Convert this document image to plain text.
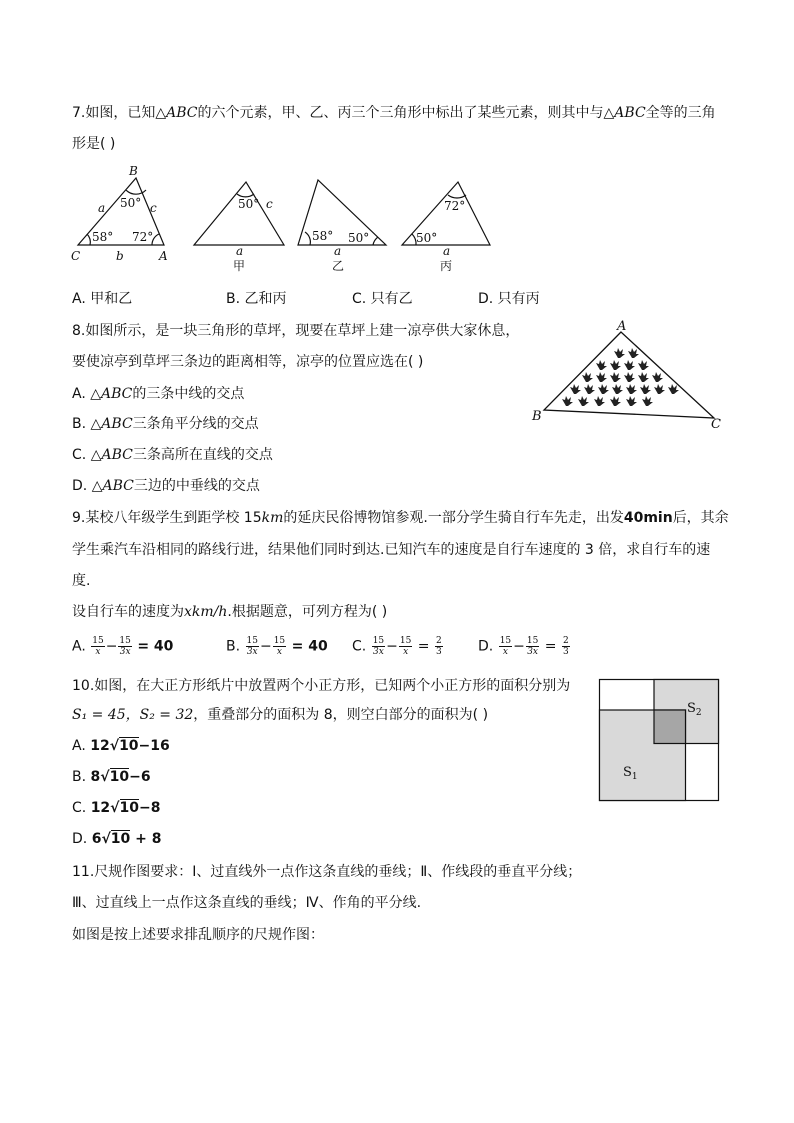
7.如图，已知△ABC的六个元素，甲、乙、丙三个三角形中标出了某些元素，则其中与△ABC全等的三角
形是( )
B
C	A
a
b
c
50°
58° 72°
50° c
a
甲
58° 50°
a
乙
72°
50°
a
丙
A. 甲和乙	B. 乙和丙	C. 只有乙	D. 只有丙
8.如图所示，是一块三角形的草坪，现要在草坪上建一凉亭供大家休息，
要使凉亭到草坪三条边的距离相等，凉亭的位置应选在( )
A. △ABC的三条中线的交点
B. △ABC三条角平分线的交点
C. △ABC三条高所在直线的交点
D. △ABC三边的中垂线的交点
A
B
C
9.某校八年级学生到距学校 15km的延庆民俗博物馆参观.一部分学生骑自行车先走，出发40min后，其余
学生乘汽车沿相同的路线行进，结果他们同时到达.已知汽车的速度是自行车速度的 3 倍，求自行车的速
度.
设自行车的速度为xkm/h.根据题意，可列方程为( )
A. $\frac{15}{x} - \frac{15}{3x} = 40$	B. $\frac{15}{3x} - \frac{15}{x} = 40$ C. $\frac{15}{3x} - \frac{15}{x} = \frac{2}{3}$	D. $\frac{15}{x} - \frac{15}{3x} = \frac{2}{3}$
10.如图，在大正方形纸片中放置两个小正方形，已知两个小正方形的面积分别为
S₁ = 45，S₂ = 32，重叠部分的面积为 8，则空白部分的面积为( )
A. 12√10−16
B. 8√10−6
C. 12√10−8
D. 6√10 + 8
$S_2$
$S_1$
11.尺规作图要求：Ⅰ、过直线外一点作这条直线的垂线；Ⅱ、作线段的垂直平分线；
Ⅲ、过直线上一点作这条直线的垂线；Ⅳ、作角的平分线.
如图是按上述要求排乱顺序的尺规作图：
